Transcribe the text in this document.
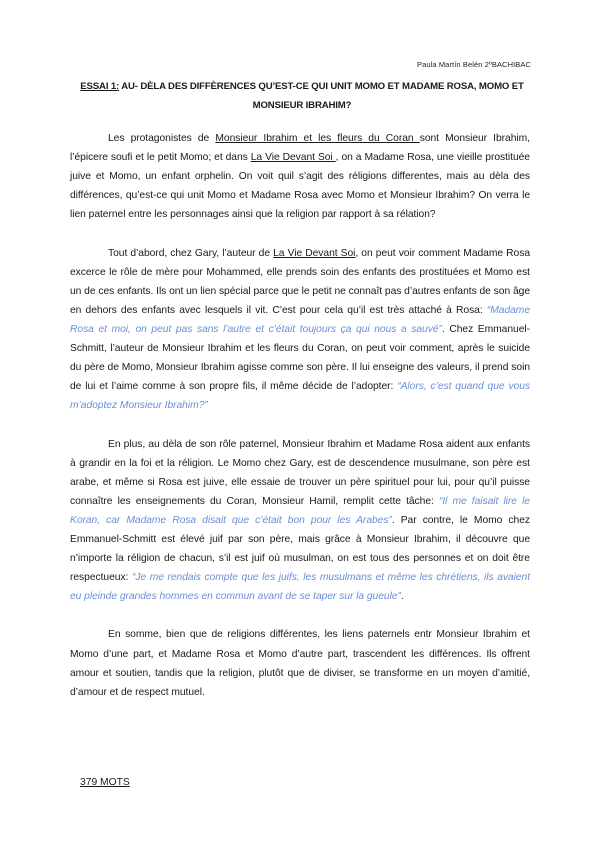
Paula Martín Belén 2ºBACHIBAC
ESSAI 1: AU- DÈLA DES DIFFÈRENCES QU’EST-CE QUI UNIT MOMO ET MADAME ROSA, MOMO ET MONSIEUR IBRAHIM?

Les protagonistes de Monsieur Ibrahim et les fleurs du Coran sont Monsieur Ibrahim, l’épicere soufi et le petit Momo; et dans La Vie Devant Soi , on a Madame Rosa, une vieille prostituée juive et Momo, un enfant orphelin. On voit quil s’agit des réligions differentes, mais au dèla des différences, qu’est-ce qui unit Momo et Madame Rosa avec Momo et Monsieur Ibrahim? On verra le lien paternel entre les personnages ainsi que la religion par rapport à sa rélation?

Tout d’abord, chez Gary, l’auteur de La Vie Devant Soi, on peut voir comment Madame Rosa excerce le rôle de mère pour Mohammed, elle prends soin des enfants des prostituées et Momo est un de ces enfants. Ils ont un lien spécial parce que le petit ne connaît pas d’autres enfants de son âge en dehors des enfants avec lesquels il vit. C’est pour cela qu’il est très attaché à Rosa: “Madame Rosa et moi, on peut pas sans l’autre et c’était toujours ça qui nous a sauvé”. Chez Emmanuel-Schmitt, l’auteur de Monsieur Ibrahim et les fleurs du Coran, on peut voir comment, après le suicide du père de Momo, Monsieur Ibrahim agisse comme son père. Il lui enseigne des valeurs, il prend soin de lui et l’aime comme à son propre fils, il même décide de l’adopter: “Alors, c’est quand que vous m’adoptez Monsieur Ibrahim?”

En plus, au dèla de son rôle paternel, Monsieur Ibrahim et Madame Rosa aident aux enfants à grandir en la foi et la réligion. Le Momo chez Gary, est de descendence musulmane, son père est arabe, et même si Rosa est juive, elle essaie de trouver un père spirituel pour lui, pour qu’il puisse connaître les enseignements du Coran, Monsieur Hamil, remplit cette tâche: “Il me faisait lire le Koran, car Madame Rosa disait que c’était bon pour les Arabes”. Par contre, le Momo chez Emmanuel-Schmitt est élevé juif par son père, mais grâce à Monsieur Ibrahim, il découvre que n’importe la réligion de chacun, s’il est juif où musulman, on est tous des personnes et on doit être respectueux: “Je me rendais compte que les juifs, les musulmans et même les chrétiens, ils avaient eu pleinde grandes hommes en commun avant de se taper sur la gueule”.

En somme, bien que de religions différentes, les liens paternels entr Monsieur Ibrahim et Momo d’une part, et Madame Rosa et Momo d’autre part, trascendent les différences. Ils offrent amour et soutien, tandis que la religion, plutôt que de diviser, se transforme en un moyen d’amitié, d’amour et de respect mutuel.

379 MOTS
